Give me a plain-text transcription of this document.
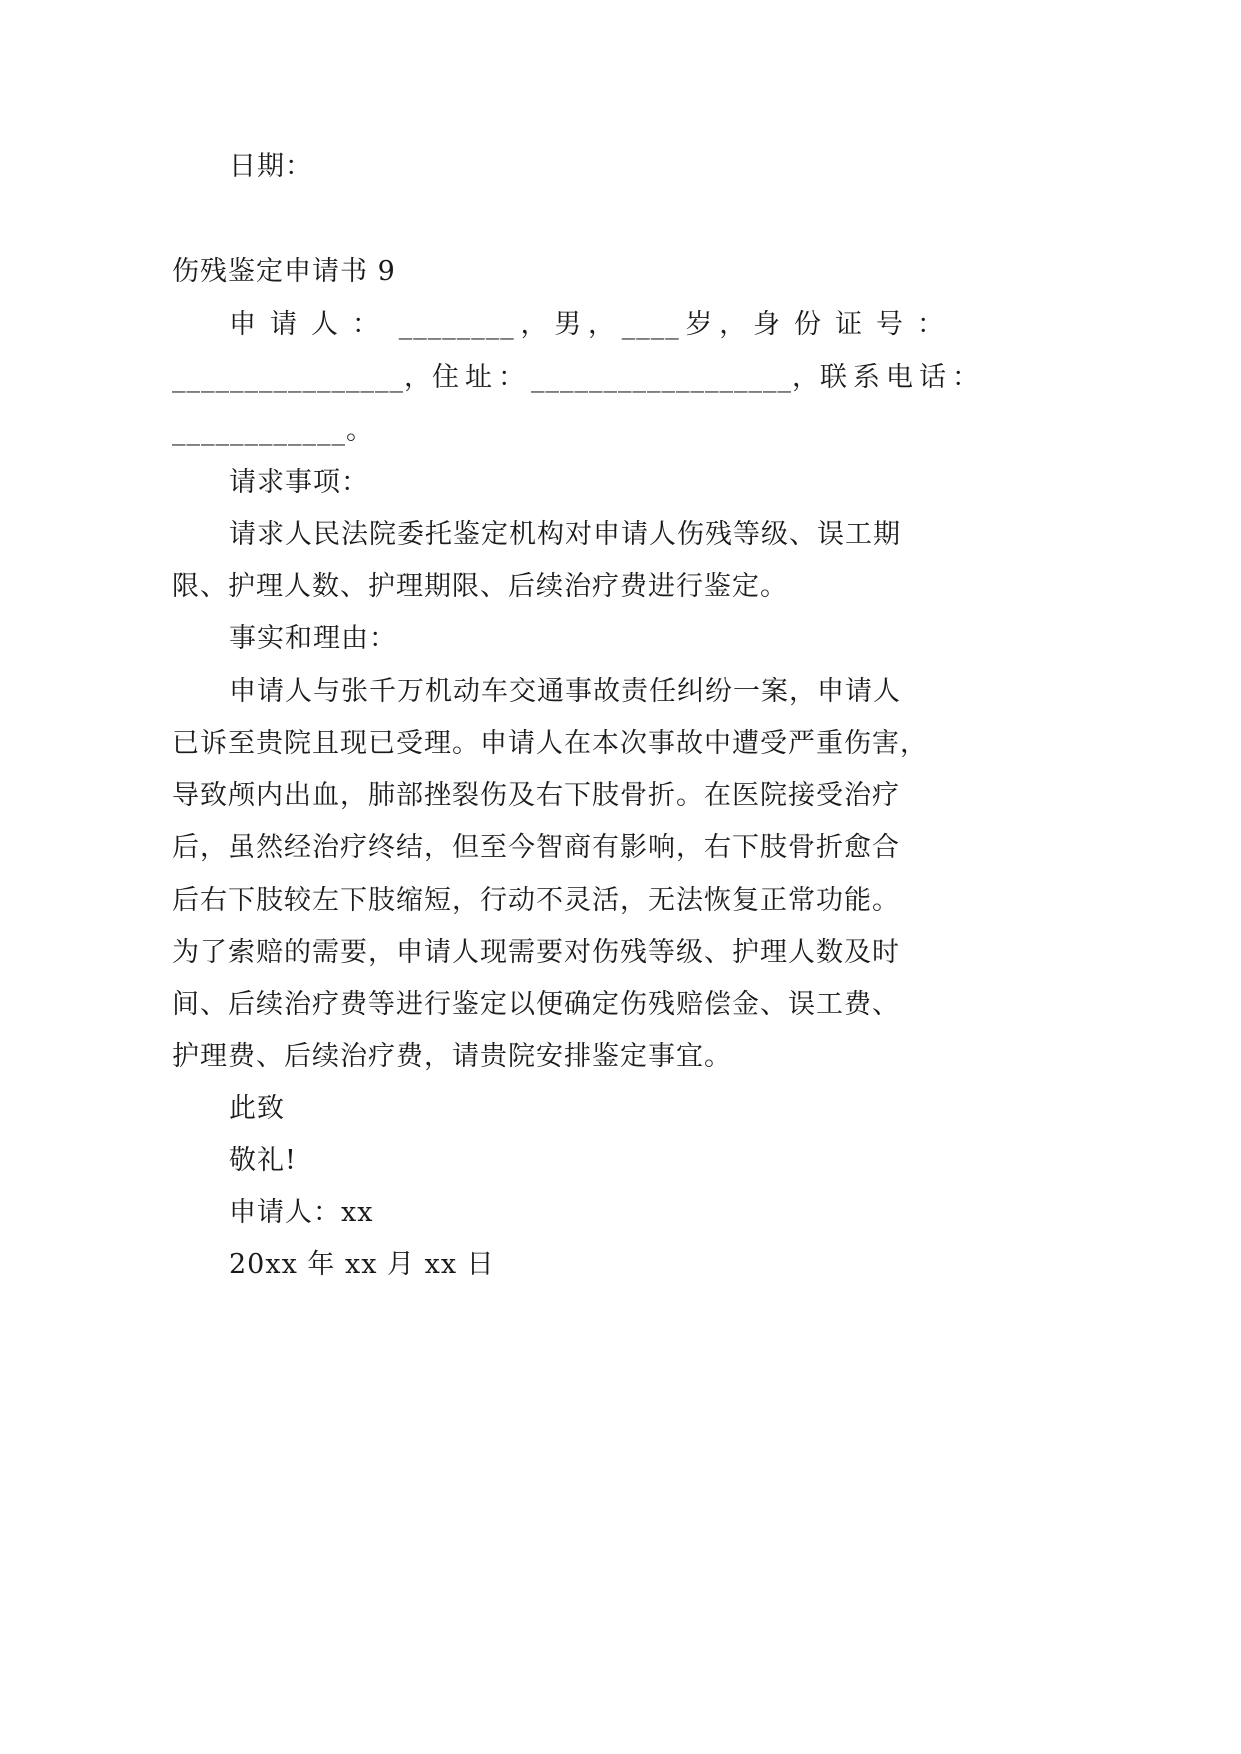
日期：
伤残鉴定申请书 9
申请人： ________ ， 男 ， ____ 岁 ， 身份证号：
________________ ， 住址： __________________ ， 联系电话：
____________。
请求事项：
请求人民法院委托鉴定机构对申请人伤残等级、误工期
限、护理人数、护理期限、后续治疗费进行鉴定。
事实和理由：
申请人与张千万机动车交通事故责任纠纷一案，申请人
已诉至贵院且现已受理。申请人在本次事故中遭受严重伤害，
导致颅内出血，肺部挫裂伤及右下肢骨折。在医院接受治疗
后，虽然经治疗终结，但至今智商有影响，右下肢骨折愈合
后右下肢较左下肢缩短，行动不灵活，无法恢复正常功能。
为了索赔的需要，申请人现需要对伤残等级、护理人数及时
间、后续治疗费等进行鉴定以便确定伤残赔偿金、误工费、
护理费、后续治疗费，请贵院安排鉴定事宜。
此致
敬礼!
申请人：xx
20xx 年 xx 月 xx 日
